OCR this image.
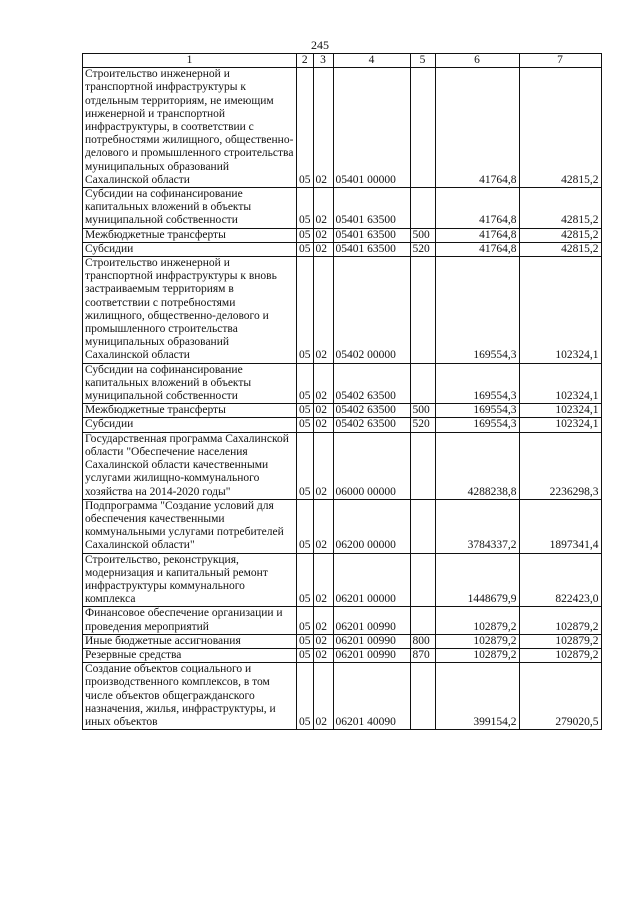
245
1	2	3	4	5	6	7
Строительство инженерной и транспортной инфраструктуры к отдельным территориям, не имеющим инженерной и транспортной инфраструктуры, в соответствии с потребностями жилищного, общественно-делового и промышленного строительства муниципальных образований Сахалинской области	05	02	05401 00000		41764,8	42815,2
Субсидии на софинансирование капитальных вложений в объекты муниципальной собственности	05	02	05401 63500		41764,8	42815,2
Межбюджетные трансферты	05	02	05401 63500	500	41764,8	42815,2
Субсидии	05	02	05401 63500	520	41764,8	42815,2
Строительство инженерной и транспортной инфраструктуры к вновь застраиваемым территориям в соответствии с потребностями жилищного, общественно-делового и промышленного строительства муниципальных образований Сахалинской области	05	02	05402 00000		169554,3	102324,1
Субсидии на софинансирование капитальных вложений в объекты муниципальной собственности	05	02	05402 63500		169554,3	102324,1
Межбюджетные трансферты	05	02	05402 63500	500	169554,3	102324,1
Субсидии	05	02	05402 63500	520	169554,3	102324,1
Государственная программа Сахалинской области "Обеспечение населения Сахалинской области качественными услугами жилищно-коммунального хозяйства на 2014-2020 годы"	05	02	06000 00000		4288238,8	2236298,3
Подпрограмма "Создание условий для обеспечения качественными коммунальными услугами потребителей Сахалинской области"	05	02	06200 00000		3784337,2	1897341,4
Строительство, реконструкция, модернизация и капитальный ремонт инфраструктуры коммунального комплекса	05	02	06201 00000		1448679,9	822423,0
Финансовое обеспечение организации и проведения мероприятий	05	02	06201 00990		102879,2	102879,2
Иные бюджетные ассигнования	05	02	06201 00990	800	102879,2	102879,2
Резервные средства	05	02	06201 00990	870	102879,2	102879,2
Создание объектов социального и производственного комплексов, в том числе объектов общегражданского назначения, жилья, инфраструктуры, и иных объектов	05	02	06201 40090		399154,2	279020,5
